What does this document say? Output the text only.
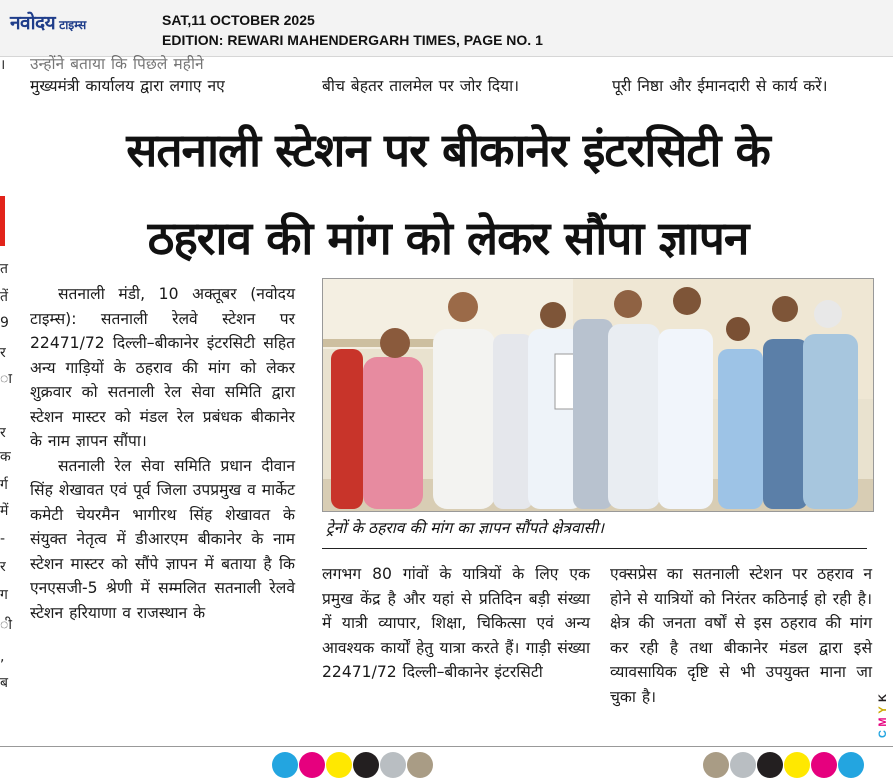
नवोदय टाइम्स	SAT,11 OCTOBER 2025
EDITION: REWARI MAHENDERGARH TIMES, PAGE NO. 1
उन्होंने बताया कि पिछले महीने
मुख्यमंत्री कार्यालय द्वारा लगाए नए	बीच बेहतर तालमेल पर जोर दिया।	पूरी निष्ठा और ईमानदारी से कार्य करें।
।
त
तें
9
र
ा
र
क
र्ग
में
-
र
ग
ी
,
ब
सतनाली स्टेशन पर बीकानेर इंटरसिटी के
ठहराव की मांग को लेकर सौंपा ज्ञापन

सतनाली मंडी, 10 अक्तूबर (नवोदय टाइम्स): सतनाली रेलवे स्टेशन पर 22471/72 दिल्ली–बीकानेर इंटरसिटी सहित अन्य गाड़ियों के ठहराव की मांग को लेकर शुक्रवार को सतनाली रेल सेवा समिति द्वारा स्टेशन मास्टर को मंडल रेल प्रबंधक बीकानेर के नाम ज्ञापन सौंपा।

सतनाली रेल सेवा समिति प्रधान दीवान सिंह शेखावत एवं पूर्व जिला उपप्रमुख व मार्केट कमेटी चेयरमैन भागीरथ सिंह शेखावत के संयुक्त नेतृत्व में डीआरएम बीकानेर के नाम स्टेशन मास्टर को सौंपे ज्ञापन में बताया है कि एनएसजी-5 श्रेणी में सम्मलित सतनाली रेलवे स्टेशन हरियाणा व राजस्थान के

ट्रेनों के ठहराव की मांग का ज्ञापन सौंपते क्षेत्रवासी।

लगभग 80 गांवों के यात्रियों के लिए एक प्रमुख केंद्र है और यहां से प्रतिदिन बड़ी संख्या में यात्री व्यापार, शिक्षा, चिकित्सा एवं अन्य आवश्यक कार्यों हेतु यात्रा करते हैं। गाड़ी संख्या 22471/72 दिल्ली–बीकानेर इंटरसिटी

एक्सप्रेस का सतनाली स्टेशन पर ठहराव न होने से यात्रियों को निरंतर कठिनाई हो रही है। क्षेत्र की जनता वर्षों से इस ठहराव की मांग कर रही है तथा बीकानेर मंडल द्वारा इसे व्यावसायिक दृष्टि से भी उपयुक्त माना जा चुका है।	K
Y
M
C
